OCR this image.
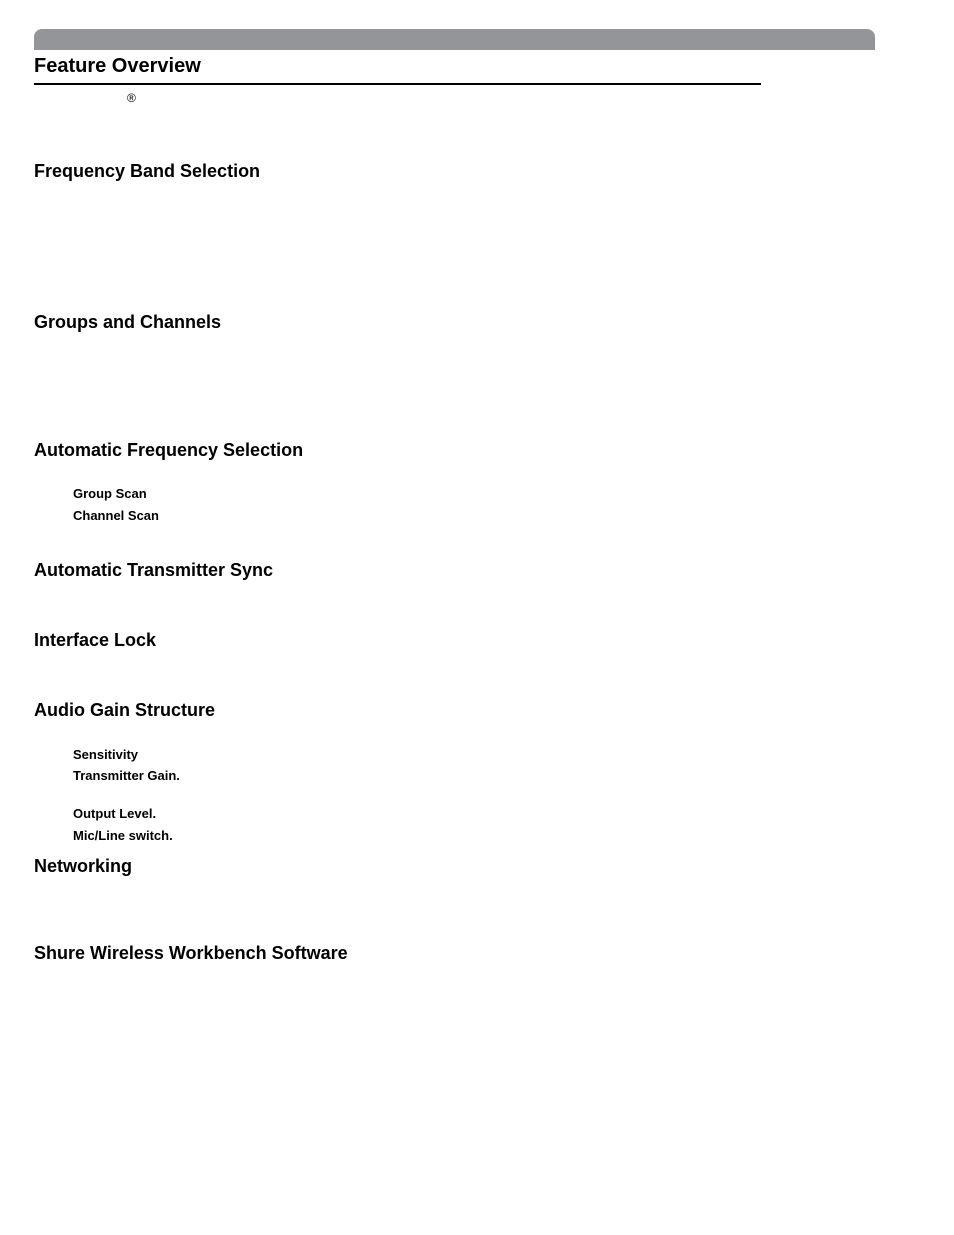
Feature Overview
®
Frequency Band Selection
Groups and Channels
Automatic Frequency Selection
Group Scan
Channel Scan
Automatic Transmitter Sync
Interface Lock
Audio Gain Structure
Sensitivity
Transmitter Gain.
Output Level.
Mic/Line switch.
Networking
Shure Wireless Workbench Software
